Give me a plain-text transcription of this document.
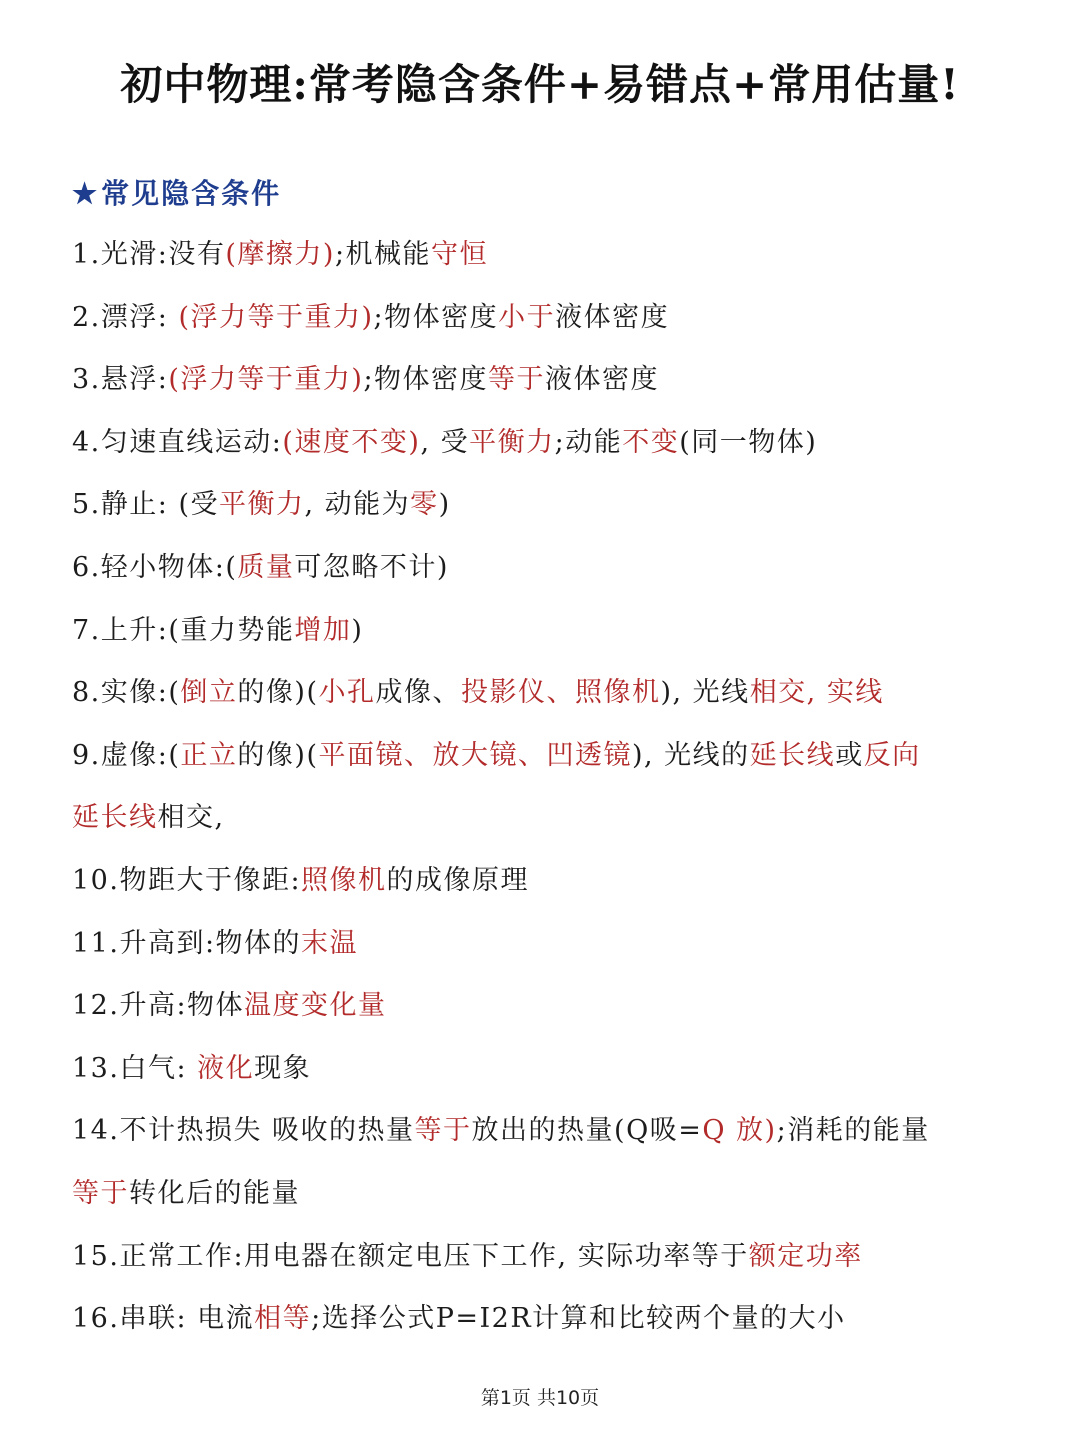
初中物理:常考隐含条件+易错点+常用估量!
★常见隐含条件
1.光滑:没有(摩擦力);机械能守恒
2.漂浮: (浮力等于重力);物体密度小于液体密度
3.悬浮:(浮力等于重力);物体密度等于液体密度
4.匀速直线运动:(速度不变), 受平衡力;动能不变(同一物体)
5.静止: (受平衡力, 动能为零)
6.轻小物体:(质量可忽略不计)
7.上升:(重力势能增加)
8.实像:(倒立的像)(小孔成像、投影仪、照像机), 光线相交, 实线
9.虚像:(正立的像)(平面镜、放大镜、凹透镜), 光线的延长线或反向
延长线相交,
10.物距大于像距:照像机的成像原理
11.升高到:物体的末温
12.升高:物体温度变化量
13.白气: 液化现象
14.不计热损失 吸收的热量等于放出的热量(Q吸=Q 放);消耗的能量
等于转化后的能量
15.正常工作:用电器在额定电压下工作, 实际功率等于额定功率
16.串联: 电流相等;选择公式P=I2R计算和比较两个量的大小
第1页 共10页
